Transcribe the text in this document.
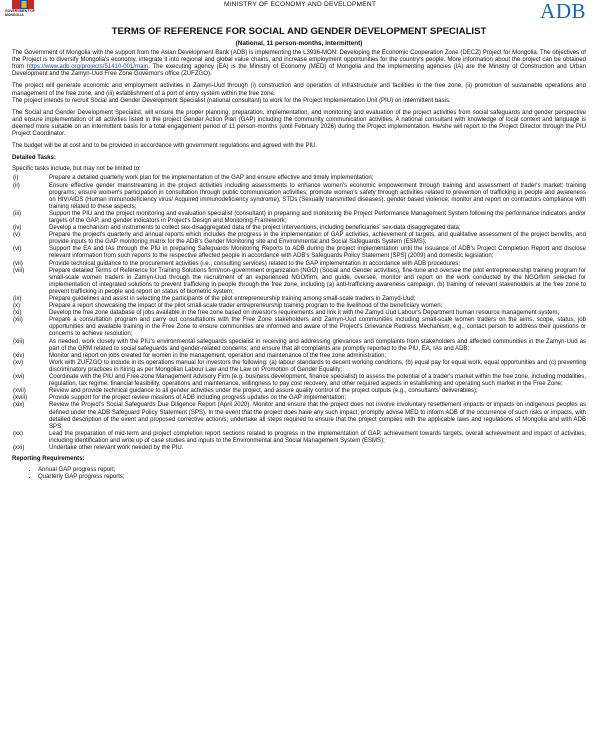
GOVERNMENT OF
MONGOLIA
MINISTRY OF ECONOMY AND DEVELOPMENT	ADB
TERMS OF REFERENCE FOR SOCIAL AND GENDER DEVELOPMENT SPECIALIST
(National, 11 person-months, intermittent)

The Government of Mongolia with the support from the Asian Development Bank (ADB) is implementing the L3936-MON: Developing the Economic Cooperation Zone (DECZ) Project for Mongolia. The objectives of the Project is to diversify Mongolia's economy, integrate it into regional and global value chains, and increase employment opportunities for the country's people. More information about the project can be obtained from https://www.adb.org/projects/51410-001/main. The executing agency (EA) is the Ministry of Economy (MED) of Mongolia and the implementing agencies (IA) are the Ministry of Construction and Urban Development and the Zamyn-Uud Free Zone Governor's office (ZUFZGO).

The project will generate economic and employment activities in Zamyn-Uud through (i) construction and operation of infrastructure and facilities in the free zone, (ii) promotion of sustainable operations and management of the free zone, and (iii) establishment of a port of entry system within the free zone.

The project intends to recruit Social and Gender Development Specialist (national consultant) to work for the Project Implementation Unit (PIU) on intermittent basis.

The Social and Gender Development Specialist, will ensure the proper planning, preparation, implementation, and monitoring and evaluation of the project activities from social safeguards and gender perspective and ensure implementation of all activities listed in the project Gender Action Plan (GAP) including the community communication activities. A national consultant with knowledge of local context and language is deemed more suitable on an intermittent basis for a total engagement period of 11 person-months (until February 2026) during the Project implementation. He/she will report to the Project Director through the PIU Project Coordinator.

The budget will be at cost and to be provided in accordance with government regulations and agreed with the PIU.

Detailed Tasks:
Specific tasks include, but may not be limited to:
(i)	Prepare a detailed quarterly work plan for the implementation of the GAP and ensure effective and timely implementation;
(ii)	Ensure effective gender mainstreaming in the project activities including assessments to enhance women's economic empowerment through training and assessment of trader's market; training programs; ensure women's participation in consultation through public communication activities; promote women's safety through activities related to prevention of trafficking in people and awareness on HIV/AIDS (Human immunodeficiency virus/ Acquired immunodeficiency syndrome), STDs (Sexually transmitted diseases), gender based violence; monitor and report on contractors compliance with training related to these aspects;
(iii)	Support the PIU and the project monitoring and evaluation specialist (consultant) in preparing and monitoring the Project Performance Management System following the performance indicators and/or targets of the GAP, and gender indicators in Project's Design and Monitoring Framework;
(iv)	Develop a mechanism and instruments to collect sex-disaggregated data of the project interventions, including beneficiaries' sex-data disaggregated data;
(v)	Prepare the project's quarterly and annual reports which includes the progress in the implementation of GAP activities, achievement of targets, and qualitative assessment of the project benefits, and provide inputs to the GAP monitoring matrix for the ADB's Gender Monitoring site and Environmental and Social Safeguards System (ESMS);
(vi)	Support the EA and IAs through the PIU in preparing Safeguards Monitoring Reports to ADB during the project implementation until the issuance of ADB's Project Completion Report and disclose relevant information from such reports to the respective affected people in accordance with ADB's Safeguards Policy Statement [SPS] (2009) and domestic legislation;
(vii)	Provide technical guidance to the procurement activities (i.e., consulting services) related to the GAP implementation in accordance with ADB procedures;
(viii)	Prepare detailed Terms of Reference for Training Solutions firm/non-government organization (NGO) (Social and Gender activities), fine-tune and oversee the pilot entrepreneurship training program for small-scale women traders in Zamyn-Uud through the recruitment of an experienced NGO/firm, and guide, oversee, monitor and report on the work conducted by the NGO/firm selected for implementation of integrated solutions to prevent trafficking in people through the free zone, including (a) anti-trafficking awareness campaign, (b) training of relevant stakeholders at the free zone to prevent trafficking in people and report on status of biometric system;
(ix)	Prepare guidelines and assist in selecting the participants of the pilot entrepreneurship training among small-scale traders in Zamyd-Uud;
(x)	Prepare a report showcasing the impact of the pilot small-scale trader entrepreneurship training program to the livelihood of the beneficiary women;
(xi)	Develop the free zone database of jobs available in the free zone based on investor's requirements and link it with the Zamyd Uud Labour's Department human resource management system;
(xii)	Prepare a consultation program and carry out consultations with the Free Zone stakeholders and Zamyn-Uud communities including small-scale women traders on the aims, scope, status, job opportunities and available training in the Free Zone to ensure communities are informed and aware of the Project's Grievance Redress Mechanism, e.g., contact person to address their questions or concerns to achieve resolution;
(xiii)	As needed, work closely with the PIU's environmental safeguards specialist in receiving and addressing grievances and complaints from stakeholders and affected communities in the Zamyn-Uud as part of the GRM related to social safeguards and gender-related concerns; and ensure that all complaints are promptly reported to the PIU, EA, IAs and ADB;
(xiv)	Monitor and report on jobs created for women in the management, operation and maintenance of the free zone administration;
(xv)	Work with ZUFZGO to include in its operations manual for investors the following: (a) labour standards to decent working conditions, (b) equal pay for equal work, equal opportunities and (c) preventing discriminatory practices in hiring as per Mongolian Labour Law and the Law on Promotion of Gender Equality;
(xvi)	Coordinate with the PIU and Free-zone Management Advisory Firm (e.g. business development, finance specialist) to assess the potential of a trader's market within the free zone, including modalities, regulation, tax regime, financial feasibility, operations and maintenance, willingness to pay cost recovery, and other required aspects in establishing and operating such market in the Free Zone;
(xvii)	Review and provide technical guidance to all gender activities under the project, and assure quality control of the project outputs (e.g., consultants' deliverables);
(xviii)	Provide support for the project review missions of ADB including progress updates on the GAP implementation;
(xix)	Review the Project's Social Safeguards Due Diligence Report (April 2020). Monitor and ensure that the project does not involve involuntary resettlement impacts or impacts on indigenous peoples as defined under the ADB Safeguard Policy Statement (SPS). In the event that the project does have any such impact; promptly advise MED to inform ADB of the occurrence of such risks or impacts, with detailed description of the event and proposed corrective action/s; undertake all steps required to ensure that the project complies with the applicable laws and regulations of Mongolia and with ADB SPS;
(xx)	Lead the preparation of mid-term and project completion report sections related to progress in the implementation of GAP, achievement towards targets, overall achievement and impact of activities, including identification and write up of case studies and inputs to the Environmental and Social Management System (ESMS);
(xxi)	Undertake other relevant work needed by the PIU.
Reporting Requirements:
• Annual GAP progress report;
• Quarterly GAP progress reports;
